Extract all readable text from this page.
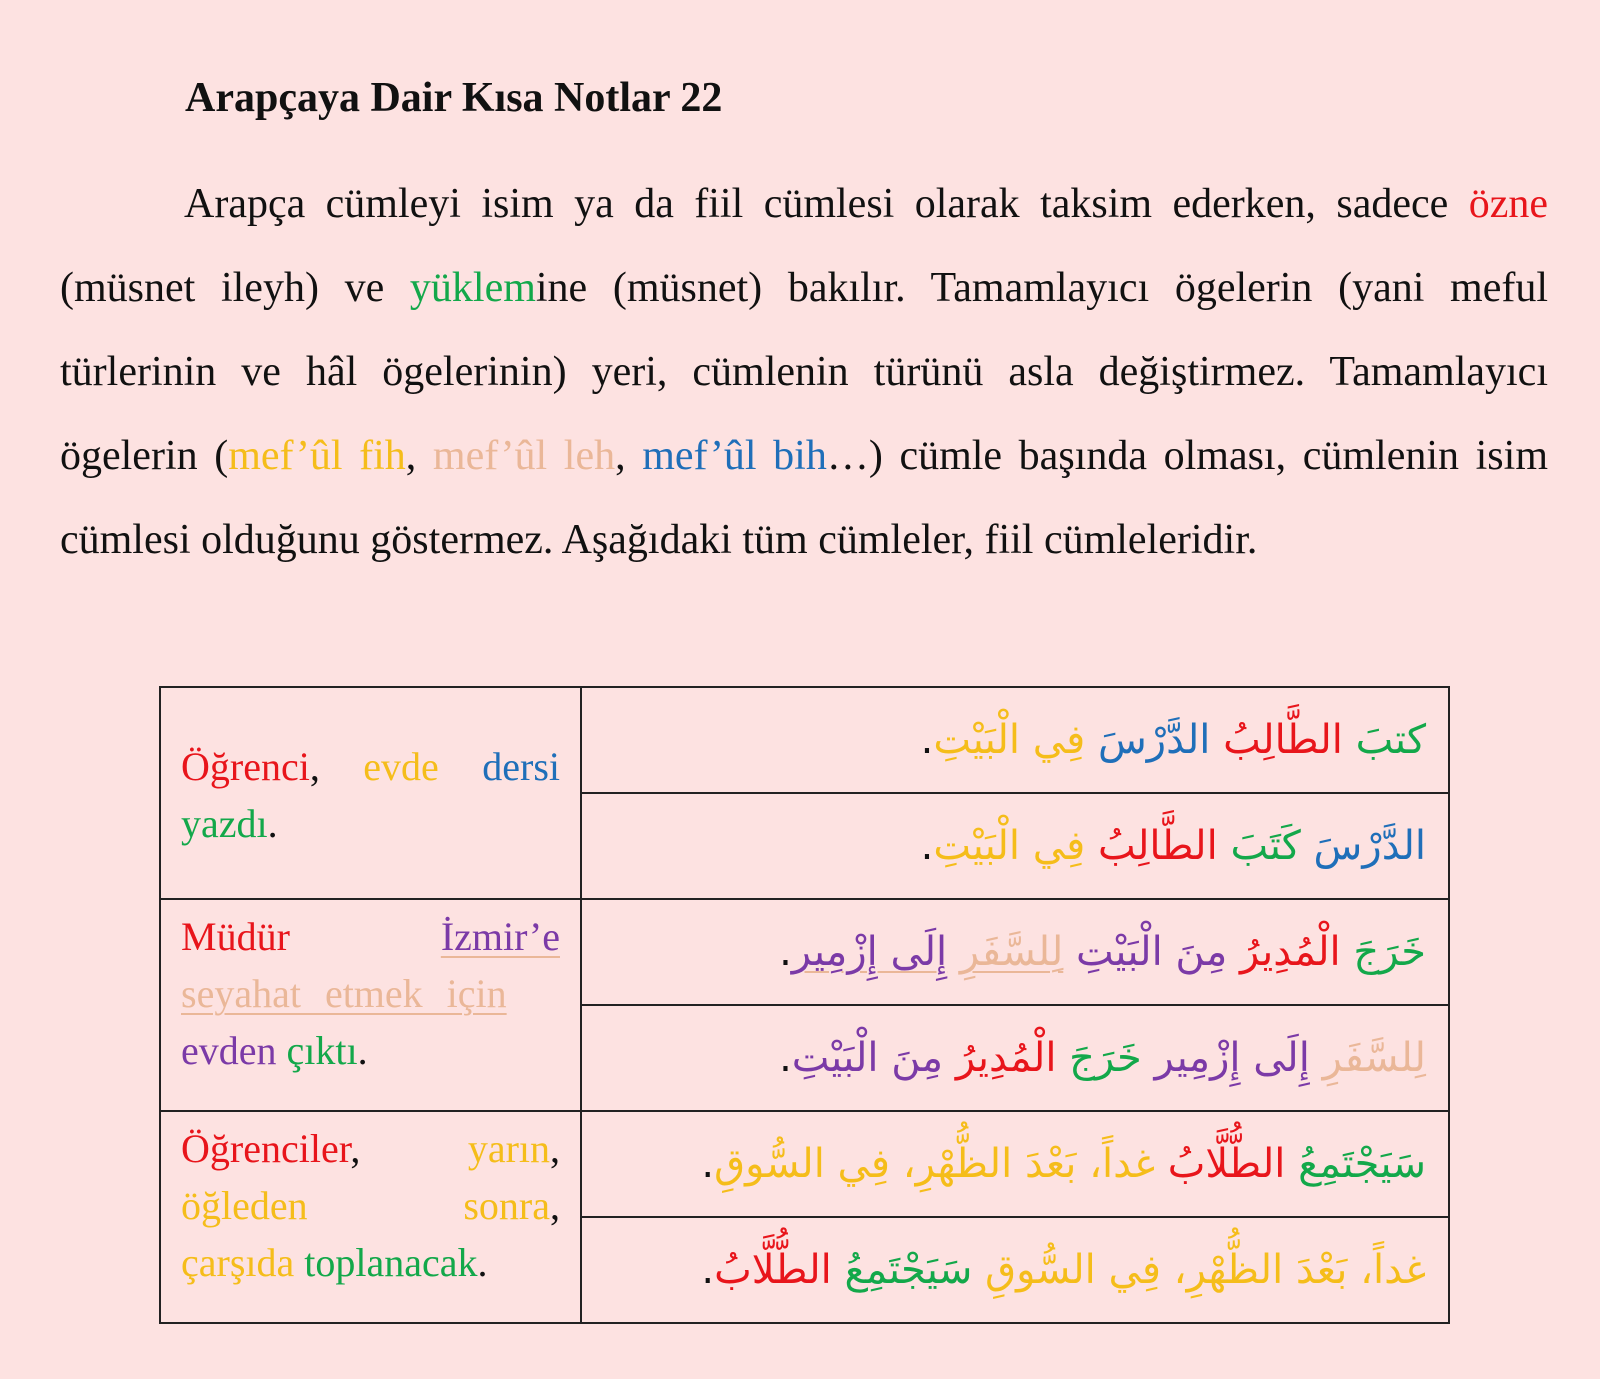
Arapçaya Dair Kısa Notlar 22

Arapça cümleyi isim ya da fiil cümlesi olarak taksim ederken, sadece özne (müsnet ileyh) ve yüklemine (müsnet) bakılır. Tamamlayıcı ögelerin (yani meful türlerinin ve hâl ögelerinin) yeri, cümlenin türünü asla değiştirmez. Tamamlayıcı ögelerin (mef’ûl fih, mef’ûl leh, mef’ûl bih…) cümle başında olması, cümlenin isim cümlesi olduğunu göstermez. Aşağıdaki tüm cümleler, fiil cümleleridir.

Öğrenci, evde dersi yazdı.	كتبَ الطَّالِبُ الدَّرْسَ فِي الْبَيْتِ.
	الدَّرْسَ كَتَبَ الطَّالِبُ فِي الْبَيْتِ.

Müdür İzmir’e
seyahat etmek için
evden çıktı.	خَرَجَ الْمُدِيرُ مِنَ الْبَيْتِ لِلسَّفَرِ إِلَى إِزْمِير.
	لِلسَّفَرِ إِلَى إِزْمِير خَرَجَ الْمُدِيرُ مِنَ الْبَيْتِ.

Öğrenciler, yarın,
öğleden sonra,
çarşıda toplanacak.	سَيَجْتَمِعُ الطُّلَّابُ غداً، بَعْدَ الظُّهْرِ، فِي السُّوقِ.
	غداً، بَعْدَ الظُّهْرِ، فِي السُّوقِ سَيَجْتَمِعُ الطُّلَّابُ.
